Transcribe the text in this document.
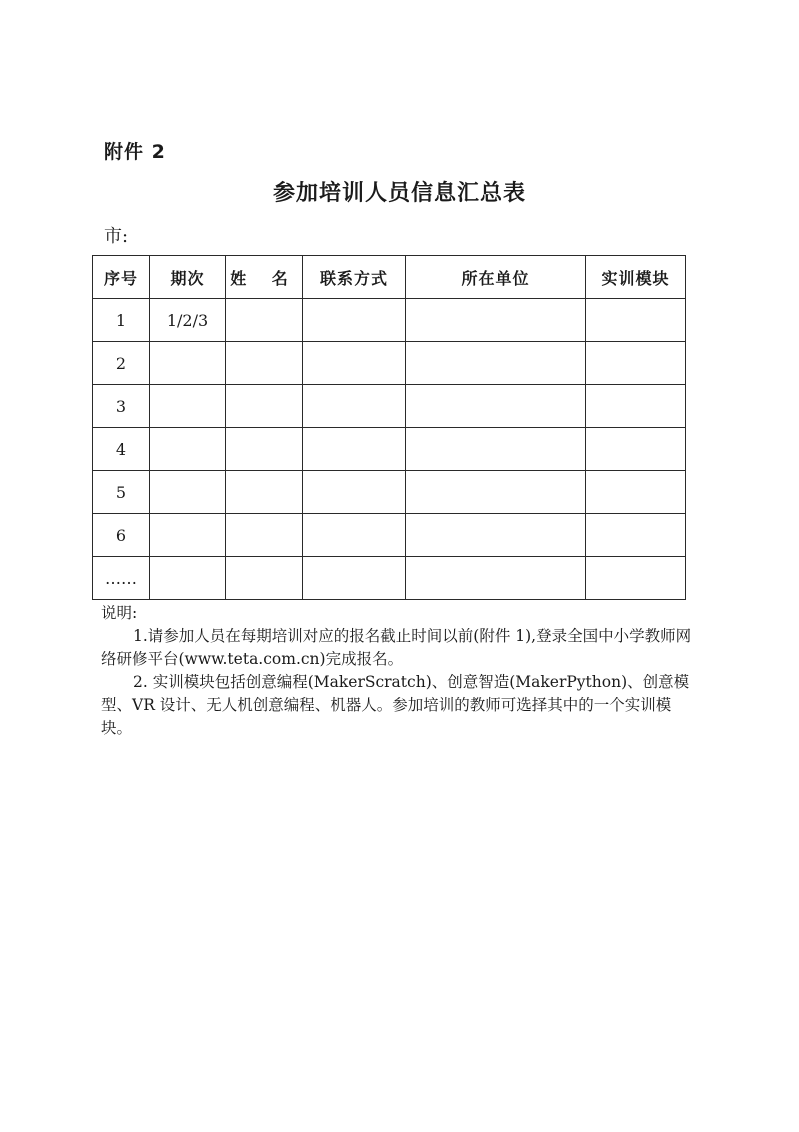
附件 2
参加培训人员信息汇总表
市:
序号	期次	姓 名	联系方式	所在单位	实训模块
1	1/2/3				
2					
3					
4					
5					
6					
……					

说明:

1.请参加人员在每期培训对应的报名截止时间以前(附件 1),登录全国中小学教师网络研修平台(www.teta.com.cn)完成报名。

2. 实训模块包括创意编程(MakerScratch)、创意智造(MakerPython)、创意模型、VR 设计、无人机创意编程、机器人。参加培训的教师可选择其中的一个实训模块。
